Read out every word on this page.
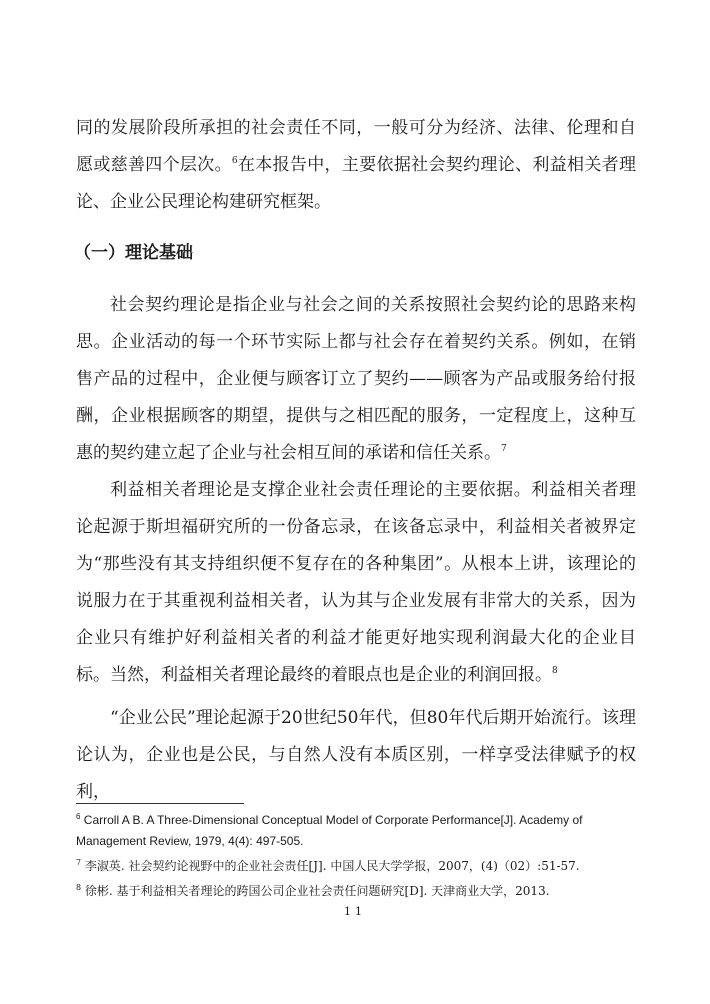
同的发展阶段所承担的社会责任不同，一般可分为经济、法律、伦理和自愿或慈善四个层次。$^6$在本报告中，主要依据社会契约理论、利益相关者理论、企业公民理论构建研究框架。

（一）理论基础

社会契约理论是指企业与社会之间的关系按照社会契约论的思路来构思。企业活动的每一个环节实际上都与社会存在着契约关系。例如，在销售产品的过程中，企业便与顾客订立了契约——顾客为产品或服务给付报酬，企业根据顾客的期望，提供与之相匹配的服务，一定程度上，这种互惠的契约建立起了企业与社会相互间的承诺和信任关系。$^7$

利益相关者理论是支撑企业社会责任理论的主要依据。利益相关者理论起源于斯坦福研究所的一份备忘录，在该备忘录中，利益相关者被界定为“那些没有其支持组织便不复存在的各种集团”。从根本上讲，该理论的说服力在于其重视利益相关者，认为其与企业发展有非常大的关系，因为企业只有维护好利益相关者的利益才能更好地实现利润最大化的企业目标。当然，利益相关者理论最终的着眼点也是企业的利润回报。$^8$

“企业公民”理论起源于20世纪50年代，但80年代后期开始流行。该理论认为，企业也是公民，与自然人没有本质区别，一样享受法律赋予的权利，

$^6$ Carroll A B. A Three-Dimensional Conceptual Model of Corporate Performance[J]. Academy of Management Review, 1979, 4(4): 497-505.

$^7$ 李淑英. 社会契约论视野中的企业社会责任[J]. 中国人民大学学报，2007，(4)（02）:51-57.

$^8$ 徐彬. 基于利益相关者理论的跨国公司企业社会责任问题研究[D]. 天津商业大学，2013.

11
